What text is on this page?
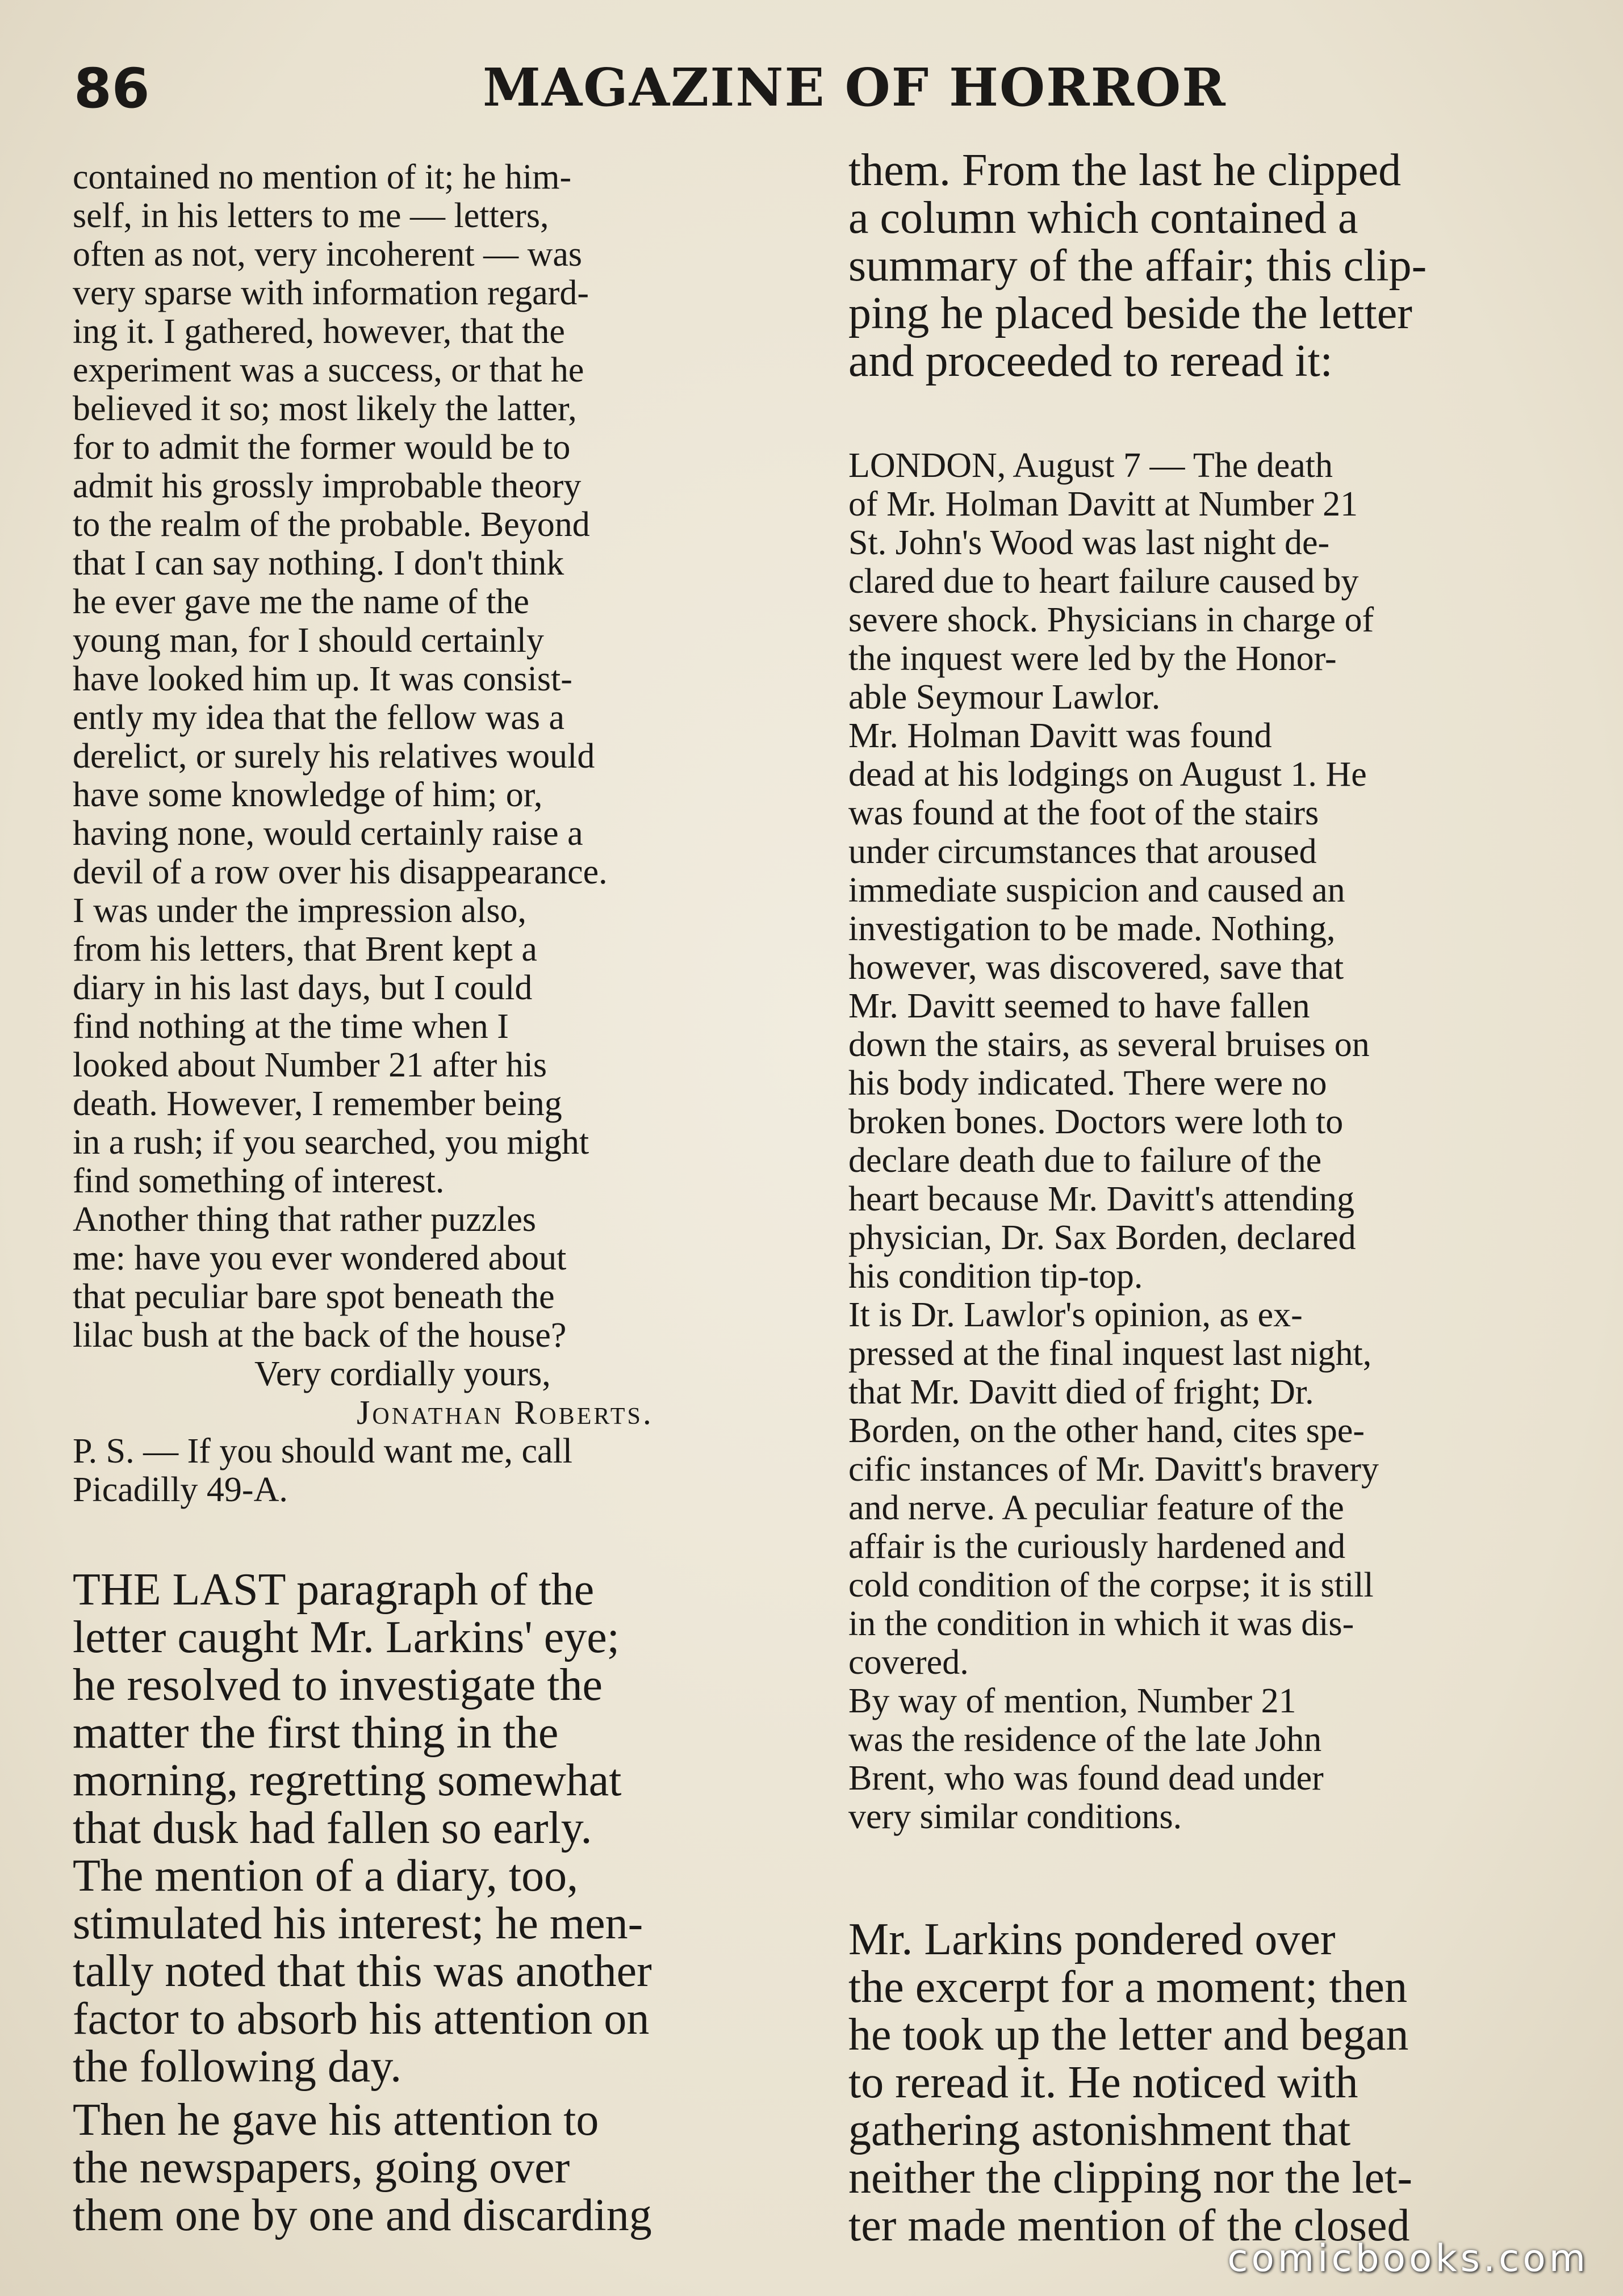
86	MAGAZINE OF HORROR

contained no mention of it; he him-
self, in his letters to me — letters,
often as not, very incoherent — was
very sparse with information regard-
ing it. I gathered, however, that the
experiment was a success, or that he
believed it so; most likely the latter,
for to admit the former would be to
admit his grossly improbable theory
to the realm of the probable. Beyond
that I can say nothing. I don't think
he ever gave me the name of the
young man, for I should certainly
have looked him up. It was consist-
ently my idea that the fellow was a
derelict, or surely his relatives would
have some knowledge of him; or,
having none, would certainly raise a
devil of a row over his disappearance.

I was under the impression also,
from his letters, that Brent kept a
diary in his last days, but I could
find nothing at the time when I
looked about Number 21 after his
death. However, I remember being
in a rush; if you searched, you might
find something of interest.

Another thing that rather puzzles
me: have you ever wondered about
that peculiar bare spot beneath the
lilac bush at the back of the house?

Very cordially yours,

Jonathan Roberts.

P. S. — If you should want me, call
Picadilly 49-A.

THE LAST paragraph of the
letter caught Mr. Larkins' eye;
he resolved to investigate the
matter the first thing in the
morning, regretting somewhat
that dusk had fallen so early.
The mention of a diary, too,
stimulated his interest; he men-
tally noted that this was another
factor to absorb his attention on
the following day.

Then he gave his attention to
the newspapers, going over
them one by one and discarding

them. From the last he clipped
a column which contained a
summary of the affair; this clip-
ping he placed beside the letter
and proceeded to reread it:

LONDON, August 7 — The death
of Mr. Holman Davitt at Number 21
St. John's Wood was last night de-
clared due to heart failure caused by
severe shock. Physicians in charge of
the inquest were led by the Honor-
able Seymour Lawlor.

Mr. Holman Davitt was found
dead at his lodgings on August 1. He
was found at the foot of the stairs
under circumstances that aroused
immediate suspicion and caused an
investigation to be made. Nothing,
however, was discovered, save that
Mr. Davitt seemed to have fallen
down the stairs, as several bruises on
his body indicated. There were no
broken bones. Doctors were loth to
declare death due to failure of the
heart because Mr. Davitt's attending
physician, Dr. Sax Borden, declared
his condition tip-top.

It is Dr. Lawlor's opinion, as ex-
pressed at the final inquest last night,
that Mr. Davitt died of fright; Dr.
Borden, on the other hand, cites spe-
cific instances of Mr. Davitt's bravery
and nerve. A peculiar feature of the
affair is the curiously hardened and
cold condition of the corpse; it is still
in the condition in which it was dis-
covered.

By way of mention, Number 21
was the residence of the late John
Brent, who was found dead under
very similar conditions.

Mr. Larkins pondered over
the excerpt for a moment; then
he took up the letter and began
to reread it. He noticed with
gathering astonishment that
neither the clipping nor the let-
ter made mention of the closed

comicbooks.com
